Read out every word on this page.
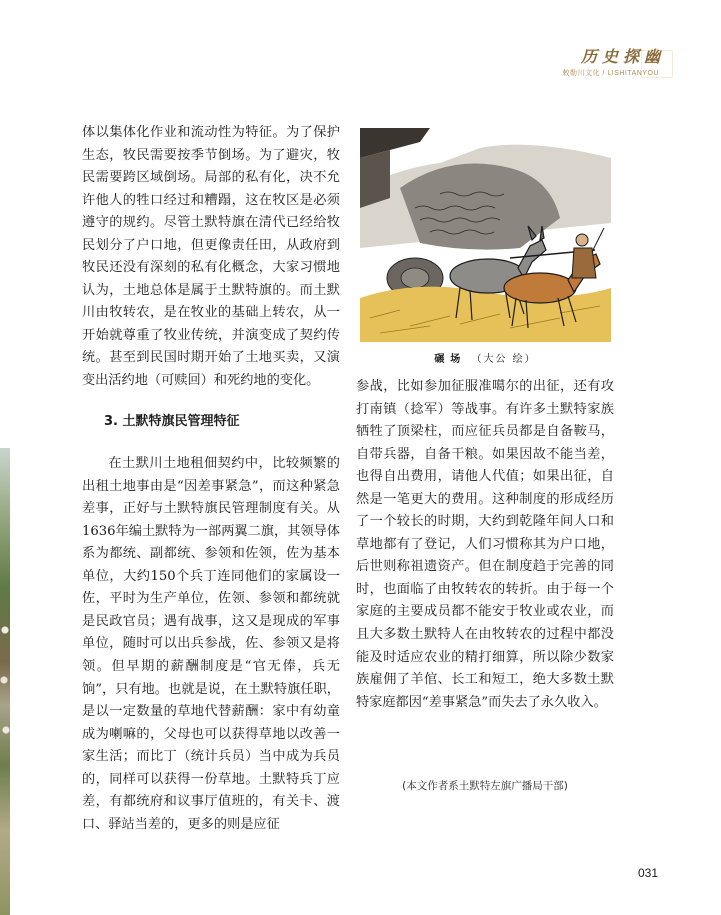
历史探幽
敕勒川文化 / LISHITANYOU

体以集体化作业和流动性为特征。为了保护生态，牧民需要按季节倒场。为了避灾，牧民需要跨区域倒场。局部的私有化，决不允许他人的牲口经过和糟蹋，这在牧区是必须遵守的规约。尽管土默特旗在清代已经给牧民划分了户口地，但更像责任田，从政府到牧民还没有深刻的私有化概念，大家习惯地认为，土地总体是属于土默特旗的。而土默川由牧转农，是在牧业的基础上转农，从一开始就尊重了牧业传统，并演变成了契约传统。甚至到民国时期开始了土地买卖，又演变出活约地（可赎回）和死约地的变化。

3. 土默特旗民管理特征

在土默川土地租佃契约中，比较频繁的出租土地事由是“因差事紧急”，而这种紧急差事，正好与土默特旗民管理制度有关。从1636年编土默特为一部两翼二旗，其领导体系为都统、副都统、参领和佐领，佐为基本单位，大约150个兵丁连同他们的家属设一佐，平时为生产单位，佐领、参领和都统就是民政官员；遇有战事，这又是现成的军事单位，随时可以出兵参战，佐、参领又是将领。但早期的薪酬制度是“官无俸，兵无饷”，只有地。也就是说，在土默特旗任职，是以一定数量的草地代替薪酬：家中有幼童成为喇嘛的，父母也可以获得草地以改善一家生活；而比丁（统计兵员）当中成为兵员的，同样可以获得一份草地。土默特兵丁应差，有都统府和议事厅值班的，有关卡、渡口、驿站当差的，更多的则是应征

碾场 （大公 绘）

参战，比如参加征服准噶尔的出征，还有攻打南镇（捻军）等战事。有许多土默特家族牺牲了顶梁柱，而应征兵员都是自备鞍马，自带兵器，自备干粮。如果因故不能当差，也得自出费用，请他人代值；如果出征，自然是一笔更大的费用。这种制度的形成经历了一个较长的时期，大约到乾隆年间人口和草地都有了登记，人们习惯称其为户口地，后世则称祖遗资产。但在制度趋于完善的同时，也面临了由牧转农的转折。由于每一个家庭的主要成员都不能安于牧业或农业，而且大多数土默特人在由牧转农的过程中都没能及时适应农业的精打细算，所以除少数家族雇佣了羊倌、长工和短工，绝大多数土默特家庭都因“差事紧急”而失去了永久收入。

(本文作者系土默特左旗广播局干部)
031
